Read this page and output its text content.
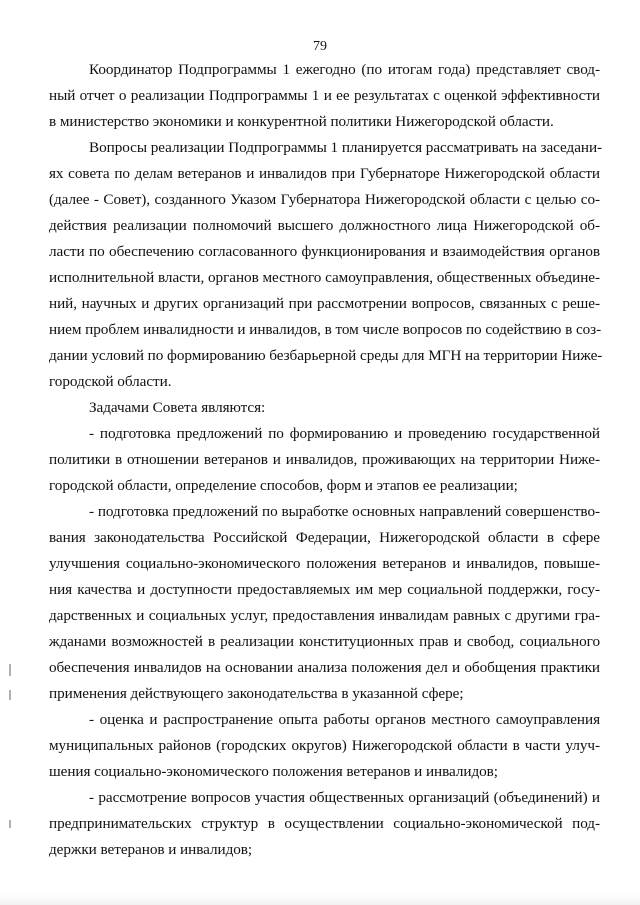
79
Координатор Подпрограммы 1 ежегодно (по итогам года) представляет свод-
ный отчет о реализации Подпрограммы 1 и ее результатах с оценкой эффективности
в министерство экономики и конкурентной политики Нижегородской области.
Вопросы реализации Подпрограммы 1 планируется рассматривать на заседани-
ях совета по делам ветеранов и инвалидов при Губернаторе Нижегородской области
(далее - Совет), созданного Указом Губернатора Нижегородской области с целью со-
действия реализации полномочий высшего должностного лица Нижегородской об-
ласти по обеспечению согласованного функционирования и взаимодействия органов
исполнительной власти, органов местного самоуправления, общественных объедине-
ний, научных и других организаций при рассмотрении вопросов, связанных с реше-
нием проблем инвалидности и инвалидов, в том числе вопросов по содействию в соз-
дании условий по формированию безбарьерной среды для МГН на территории Ниже-
городской области.
Задачами Совета являются:
- подготовка предложений по формированию и проведению государственной
политики в отношении ветеранов и инвалидов, проживающих на территории Ниже-
городской области, определение способов, форм и этапов ее реализации;
- подготовка предложений по выработке основных направлений совершенство-
вания законодательства Российской Федерации, Нижегородской области в сфере
улучшения социально-экономического положения ветеранов и инвалидов, повыше-
ния качества и доступности предоставляемых им мер социальной поддержки, госу-
дарственных и социальных услуг, предоставления инвалидам равных с другими гра-
жданами возможностей в реализации конституционных прав и свобод, социального
обеспечения инвалидов на основании анализа положения дел и обобщения практики
применения действующего законодательства в указанной сфере;
- оценка и распространение опыта работы органов местного самоуправления
муниципальных районов (городских округов) Нижегородской области в части улуч-
шения социально-экономического положения ветеранов и инвалидов;
- рассмотрение вопросов участия общественных организаций (объединений) и
предпринимательских структур в осуществлении социально-экономической под-
держки ветеранов и инвалидов;
